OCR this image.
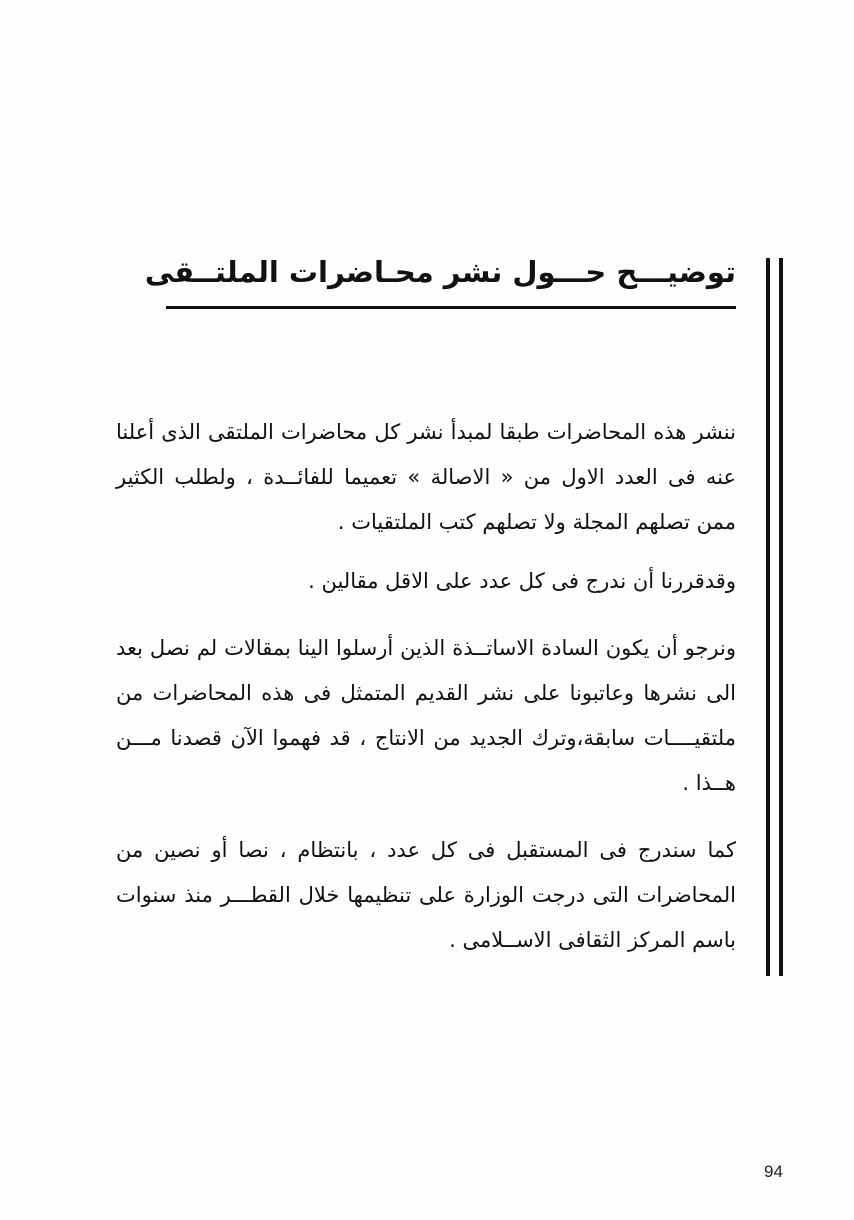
توضيـــح حـــول نشر محـاضرات الملتــقى

ننشر هذه المحاضرات طبقا لمبدأ نشر كل محاضرات الملتقى الذى أعلنا عنه فى العدد الاول من « الاصالة » تعميما للفائــدة ، ولطلب الكثير ممن تصلهم المجلة ولا تصلهم كتب الملتقيات .

وقدقررنا أن ندرج فى كل عدد على الاقل مقالين .

ونرجو أن يكون السادة الاساتــذة الذين أرسلوا الينا بمقالات لم نصل بعد الى نشرها وعاتبونا على نشر القديم المتمثل فى هذه المحاضرات من ملتقيــــات سابقة،وترك الجديد من الانتاج ، قد فهموا الآن قصدنا مـــن هــذا .

كما سندرج فى المستقبل فى كل عدد ، بانتظام ، نصا أو نصين من المحاضرات التى درجت الوزارة على تنظيمها خلال القطـــر منذ سنوات باسم المركز الثقافى الاســلامى .

94
